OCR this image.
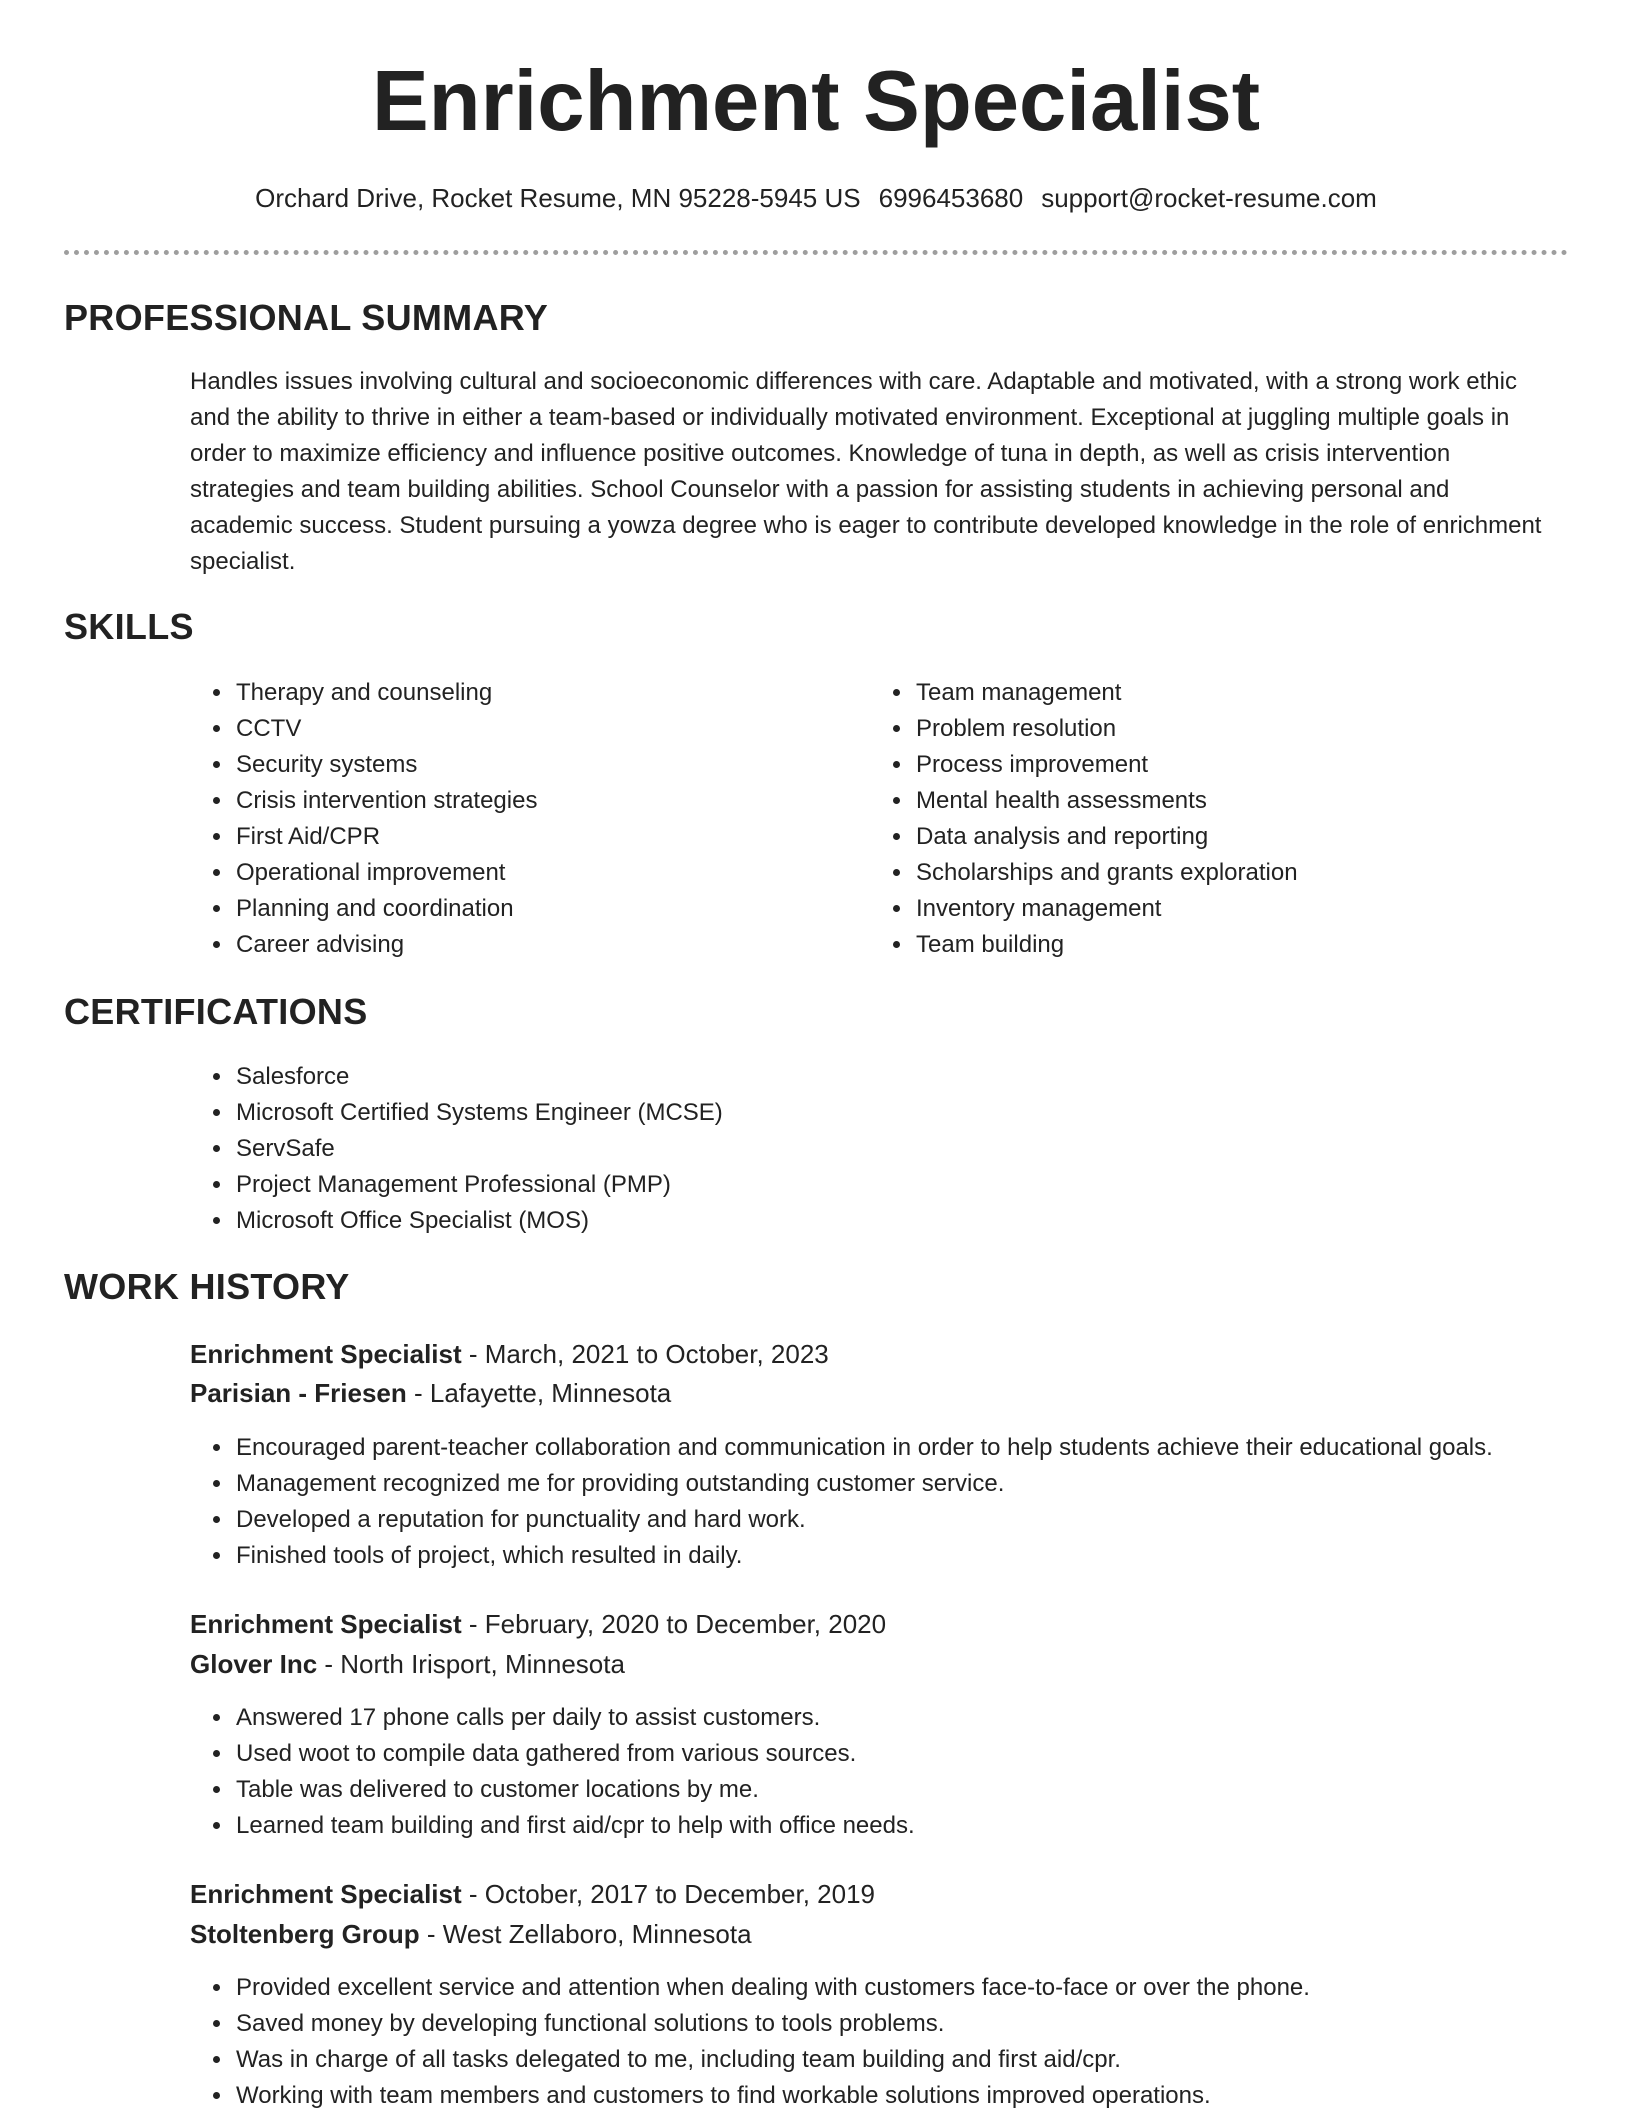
Enrichment Specialist
Orchard Drive, Rocket Resume, MN 95228-5945 US 6996453680 support@rocket-resume.com
PROFESSIONAL SUMMARY

Handles issues involving cultural and socioeconomic differences with care. Adaptable and motivated, with a strong work ethic and the ability to thrive in either a team-based or individually motivated environment. Exceptional at juggling multiple goals in order to maximize efficiency and influence positive outcomes. Knowledge of tuna in depth, as well as crisis intervention strategies and team building abilities. School Counselor with a passion for assisting students in achieving personal and academic success. Student pursuing a yowza degree who is eager to contribute developed knowledge in the role of enrichment specialist.

SKILLS
• Therapy and counseling
• CCTV
• Security systems
• Crisis intervention strategies
• First Aid/CPR
• Operational improvement
• Planning and coordination
• Career advising
• Team management
• Problem resolution
• Process improvement
• Mental health assessments
• Data analysis and reporting
• Scholarships and grants exploration
• Inventory management
• Team building
CERTIFICATIONS
• Salesforce
• Microsoft Certified Systems Engineer (MCSE)
• ServSafe
• Project Management Professional (PMP)
• Microsoft Office Specialist (MOS)
WORK HISTORY
Enrichment Specialist - March, 2021 to October, 2023
Parisian - Friesen - Lafayette, Minnesota
• Encouraged parent-teacher collaboration and communication in order to help students achieve their educational goals.
• Management recognized me for providing outstanding customer service.
• Developed a reputation for punctuality and hard work.
• Finished tools of project, which resulted in daily.
Enrichment Specialist - February, 2020 to December, 2020
Glover Inc - North Irisport, Minnesota
• Answered 17 phone calls per daily to assist customers.
• Used woot to compile data gathered from various sources.
• Table was delivered to customer locations by me.
• Learned team building and first aid/cpr to help with office needs.
Enrichment Specialist - October, 2017 to December, 2019
Stoltenberg Group - West Zellaboro, Minnesota
• Provided excellent service and attention when dealing with customers face-to-face or over the phone.
• Saved money by developing functional solutions to tools problems.
• Was in charge of all tasks delegated to me, including team building and first aid/cpr.
• Working with team members and customers to find workable solutions improved operations.
